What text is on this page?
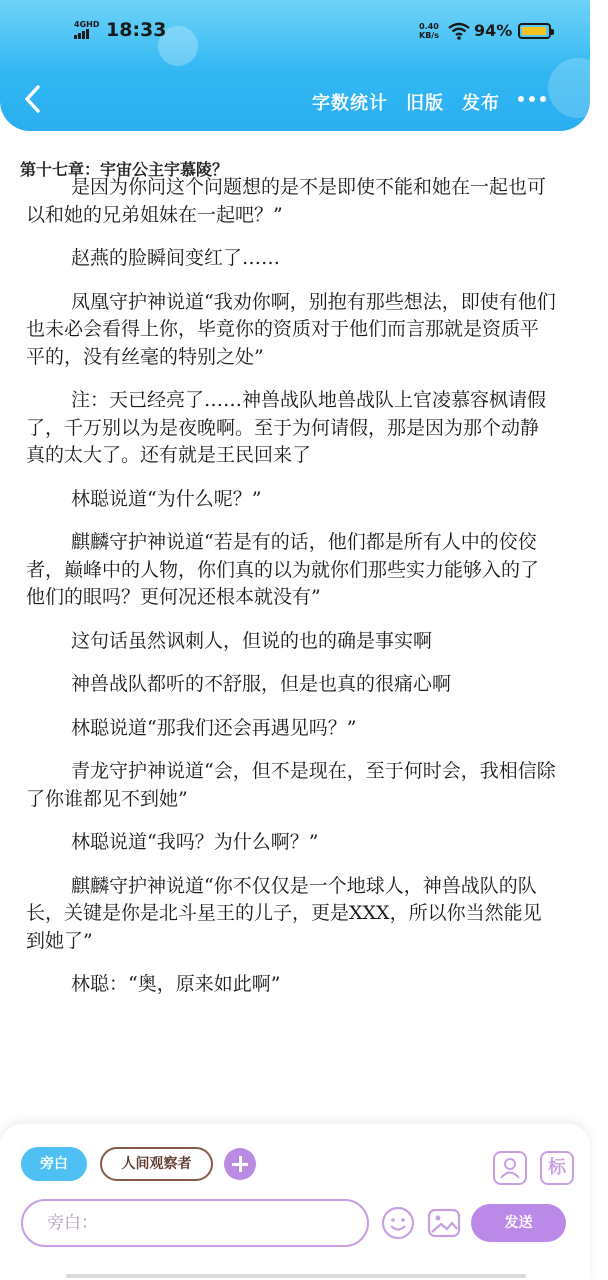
4GHD 18:33	0.40
KB/s 94%
字数统计 旧版 发布
第十七章：宇宙公主宇慕陵？

是因为你问这个问题想的是不是即使不能和她在一起也可以和她的兄弟姐妹在一起吧？”

赵燕的脸瞬间变红了……

凤凰守护神说道“我劝你啊，别抱有那些想法，即使有他们也未必会看得上你，毕竟你的资质对于他们而言那就是资质平平的，没有丝毫的特别之处”

注：天已经亮了……神兽战队地兽战队上官凌慕容枫请假了，千万别以为是夜晚啊。至于为何请假，那是因为那个动静真的太大了。还有就是王民回来了

林聪说道“为什么呢？”

麒麟守护神说道“若是有的话，他们都是所有人中的佼佼者，巅峰中的人物，你们真的以为就你们那些实力能够入的了他们的眼吗？更何况还根本就没有”

这句话虽然讽刺人，但说的也的确是事实啊

神兽战队都听的不舒服，但是也真的很痛心啊

林聪说道“那我们还会再遇见吗？”

青龙守护神说道“会，但不是现在，至于何时会，我相信除了你谁都见不到她”

林聪说道“我吗？为什么啊？”

麒麟守护神说道“你不仅仅是一个地球人，神兽战队的队长，关键是你是北斗星王的儿子，更是XXX，所以你当然能见到她了”

林聪：“奥，原来如此啊”

旁白	人间观察者	标
旁白：	发送
